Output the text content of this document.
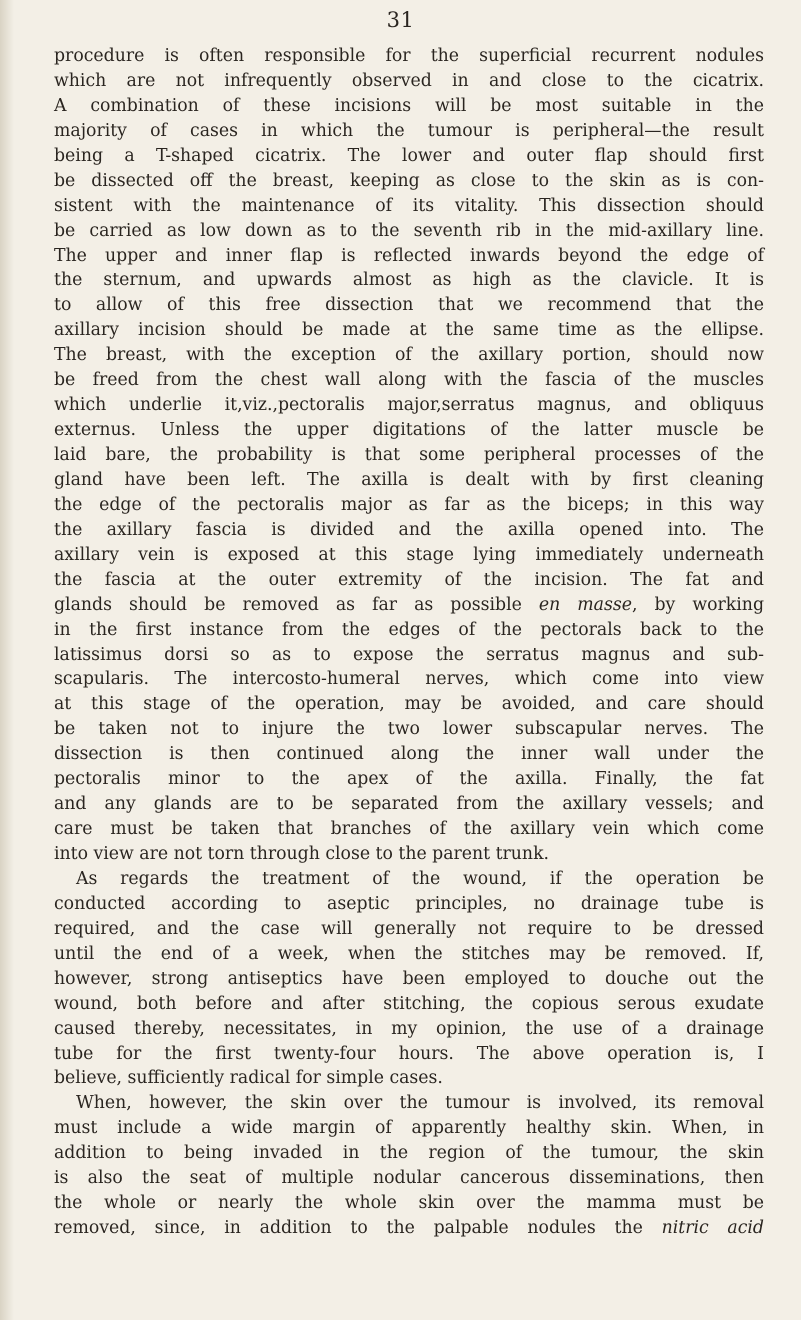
31
procedure is often responsible for the superficial recurrent nodules
which are not infrequently observed in and close to the cicatrix.
A combination of these incisions will be most suitable in the
majority of cases in which the tumour is peripheral—the result
being a T-shaped cicatrix. The lower and outer flap should first
be dissected off the breast, keeping as close to the skin as is con-
sistent with the maintenance of its vitality. This dissection should
be carried as low down as to the seventh rib in the mid-axillary line.
The upper and inner flap is reflected inwards beyond the edge of
the sternum, and upwards almost as high as the clavicle. It is
to allow of this free dissection that we recommend that the
axillary incision should be made at the same time as the ellipse.
The breast, with the exception of the axillary portion, should now
be freed from the chest wall along with the fascia of the muscles
which underlie it,viz.,pectoralis major,serratus magnus, and obliquus
externus. Unless the upper digitations of the latter muscle be
laid bare, the probability is that some peripheral processes of the
gland have been left. The axilla is dealt with by first cleaning
the edge of the pectoralis major as far as the biceps; in this way
the axillary fascia is divided and the axilla opened into. The
axillary vein is exposed at this stage lying immediately underneath
the fascia at the outer extremity of the incision. The fat and
glands should be removed as far as possible en masse, by working
in the first instance from the edges of the pectorals back to the
latissimus dorsi so as to expose the serratus magnus and sub-
scapularis. The intercosto-humeral nerves, which come into view
at this stage of the operation, may be avoided, and care should
be taken not to injure the two lower subscapular nerves. The
dissection is then continued along the inner wall under the
pectoralis minor to the apex of the axilla. Finally, the fat
and any glands are to be separated from the axillary vessels; and
care must be taken that branches of the axillary vein which come
into view are not torn through close to the parent trunk.
As regards the treatment of the wound, if the operation be
conducted according to aseptic principles, no drainage tube is
required, and the case will generally not require to be dressed
until the end of a week, when the stitches may be removed. If,
however, strong antiseptics have been employed to douche out the
wound, both before and after stitching, the copious serous exudate
caused thereby, necessitates, in my opinion, the use of a drainage
tube for the first twenty-four hours. The above operation is, I
believe, sufficiently radical for simple cases.
When, however, the skin over the tumour is involved, its removal
must include a wide margin of apparently healthy skin. When, in
addition to being invaded in the region of the tumour, the skin
is also the seat of multiple nodular cancerous disseminations, then
the whole or nearly the whole skin over the mamma must be
removed, since, in addition to the palpable nodules the nitric acid
